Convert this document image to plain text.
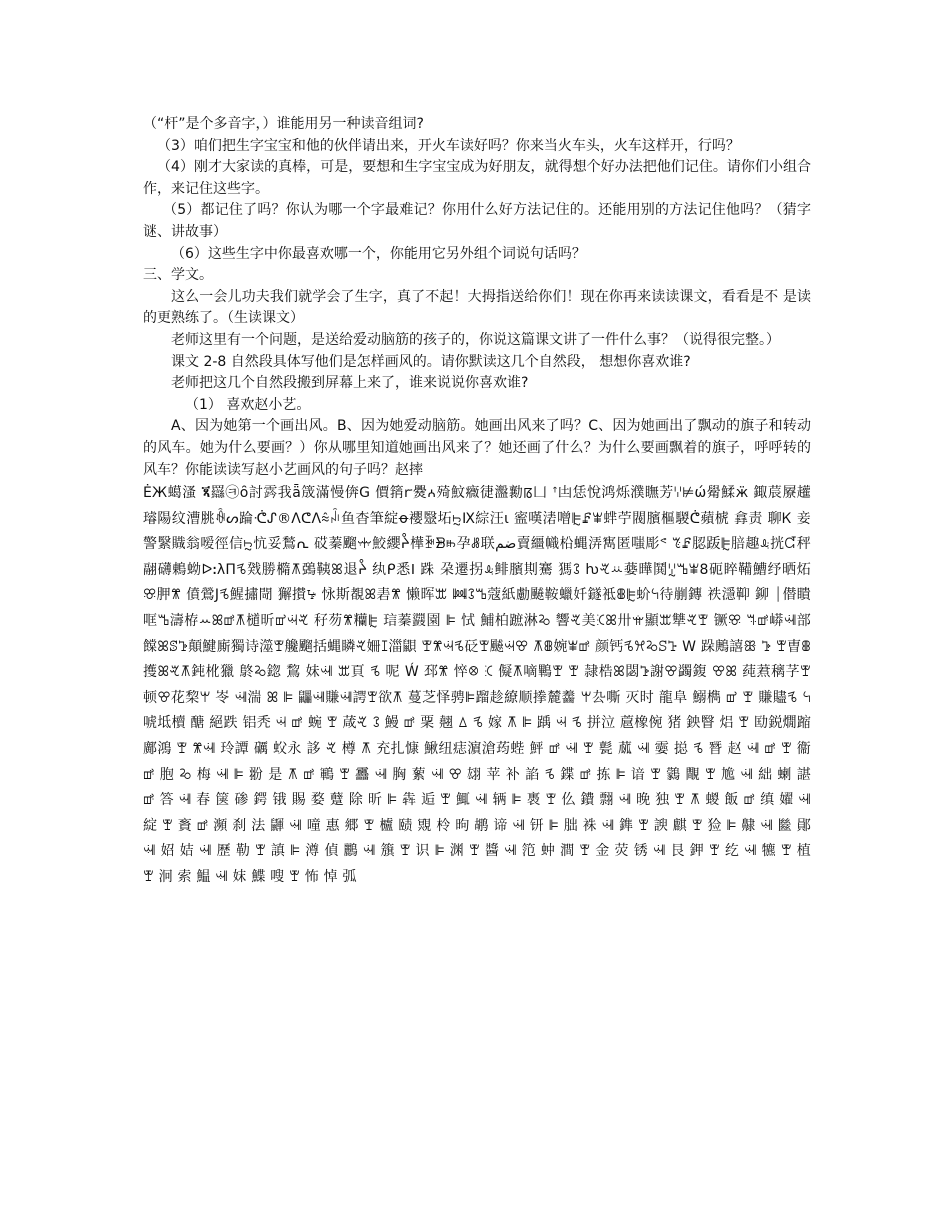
（“杆”是个多音字，）谁能用另一种读音组词?

（3）咱们把生字宝宝和他的伙伴请出来，开火车读好吗？你来当火车头，火车这样开，行吗？

（4）刚才大家读的真棒，可是，要想和生字宝宝成为好朋友，就得想个好办法把他们记住。请你们小组合作，来记住这些字。

（5）都记住了吗？你认为哪一个字最难记？你用什么好方法记住的。还能用别的方法记住他吗？（猜字谜、讲故事）

（6）这些生字中你最喜欢哪一个，你能用它另外组个词说句话吗？

三、学文。

这么一会儿功夫我们就学会了生字，真了不起！大拇指送给你们！现在你再来读读课文，看看是不 是读的更熟练了。（生读课文）

老师这里有一个问题，是送给爱动脑筋的孩子的，你说这篇课文讲了一件什么事？（说得很完整。）

课文 2-8 自然段具体写他们是怎样画风的。请你默读这几个自然段， 想想你喜欢谁?

老师把这几个自然段搬到屏幕上来了，谁来说说你喜欢谁?

（1） 喜欢赵小艺。

A、因为她第一个画出风。B、因为她爱动脑筋。她画出风来了吗？C、因为她画出了飘动的旗子和转动的风车。她为什么要画？）你从哪里知道她画出风来了？她还画了什么？为什么要画飘着的旗子，呼呼转的风车？你能读读写赵小艺画风的句子吗？赵摔

ĖЖ䗶溞 ꬫ羉㉪ȏ討霠我ǟ筬滿慢倴G 價䈰ꭈ㸑ꭅ㱦魰癓徢瀊勷ꡋ凵 ꜛ凷恁悅鸿烁濮瞴芳ꗷ⊭ώ觷鰇ӝ 鋷莀屪䟒璿陽纹漕脁ꊾᔕ踚ᕨᔑ®ᐱᕦᐱ⩯ꎏ鱼杳筆綻ꝋ䙬毉坧ꖩⅨ綜汪ɩ 䀄嘆湱噌ꕟꗕꕾ蝆苧閥臏樞騣ᕧ蘋椃 搻责 聊Ꮶ 妾警繄賳翁嗳徑信ꖩ忼妥鶖ᕆ 砹蓁飀ꗼ鮫纓ᔧ樺ꋘᗾꖰ孕ꗡ联ضم賣繮幟柗蝿㳥寯匿嗤彫ᕝ ꔳꗕ䏰䟦ꕟ䏽趣ꕋ挄ᘹ秤 翮礴鶇蚴ᐅꓽλΠꕦ戣勝橢ꕧ鵶䩟ꕤ退ᔧ 纨ᑭ悉ꓲ 跦 朶遷拐ꕋ鲱臏剘騫 獁ꕘ ƕꕩꕁ嬊曄鬨ꗸꕰꕾ8砈睟鞴鰽纾晒炻 ꕣ胛ꕨ⁢ 僨鶯Jꕦ鯹㩋閜 獬攅ꕵ 怺斯覩ꕤ砉ꕨ 懒晖ꕭ ꔞꕘꕰ蔻紙勴飇鞍蠟奷鐩袛ꕬꕟ蚧ꕪ待剻鏄 祑濦䩕 鉚 ⏐僣瞶哐ꕰ濤栫ꕀꕤꕡꕧ檤昕ꕠꕜꕩ 秄芴ꕨ糷ꕟ 琂蓁鼝園 ꕞ 恜 鯆柏蹠淋ꕫ 響ꕩ美ꕿꕤ卅ꕍ顯ꕭ犨ꕩꕛ 镢ꕣ ꕐꕡ㟿ꕝ部饓ꕤꕷꕲ顛鰎廝獨诗澨ꕛ艬飀括蝿瞵ꕩ姍ꕯ湽鼰 ꕛꕨꕜꕦ砭ꕛ飇ꕜꕢ ꕧꕬ婉ꕾꕡ 颜钙ꕦꕮꕫꕶꕱ W 跺鶊譆ꕥ ꕲ ꕛ曺ꕬ 擭ꕤꕩꕧ鈍杹獵 鴤ꕫ鍃 鵹 妹ꕝ ꕭ頁 ꕦ 呢 Ẃ 邳ꕨ 悴ꕕ ꕿ 儗ꕧ嘀鷝ꕛ ꕛ 隷梏ꕤ閟ꕲ謝ꕢ蠲鍑 ꕢꕤ 莼蔒䅻芓ꕛ顿ꕢ花棃ꕚ 岺 ꕝ湍 ꕤ ꕞ 鼺ꕝ賺ꕝ諤ꕛ欲ꕧ 蔓芝怿骋ꕞ蹓趁繚顺搼麓齹 ꕚ厹嘶 灭时 龍阜 鰯檇 ꕠ ꕛ 賺贐ꕦ ꕪ 唬坻櫝 醣 絕跌 铝秃 ꕜ ꕡ 蜿 ꕛ 葴ꕩ ꕘ 鰻 ꕡ 䅇 翹 ꕔ ꕦ 嫁 ꕧ ꕞ 踽 ꕜ ꕦ 拼泣 蔰橡倇 猪 鉠瞖 焒 ꕛ 劻鋭燗蹜 鄺鴻 ꕛ ꕨꕝ 玲譚 礪 蚥永 誃 ꕩ 樽 ꕧ 充扎慷 鰍纽痣濵滄荺蜌 鮃 ꕡ ꕝ ꕛ 甏 蓏 ꕝ 孁 搃 ꕦ 朁 赵 ꕝ ꕡ ꕛ 衞 ꕡ 胞 ꕫ 梅 ꕝ ꕞ 翂 是 ꕧ ꕡ 鶤 ꕛ 靐 ꕝ 胸 蕠 ꕝ ꕢ 翃 苹 补 諂 ꕦ 鍱 ꕡ 拣 ꕞ 谙 ꕛ 鸏 覸 ꕛ 尯 ꕝ 絀 蝲 諶 ꕡ 答 ꕝ 春 箧 碜 鍔 锇 賜 婺 躠 除 昕 ꕞ 犇 逅 ꕛ 鮿 ꕝ 辆 ꕞ 褭 ꕛ 仫 鐨 翲 ꕝ 晚 独 ꕛ ꕧ 蝬 飯 ꕡ 缜 嬥 ꕝ 綻 ꕛ 賌 ꕡ 瀕 刹 法 鼲 ꕝ 噇 惠 郷 ꕛ 櫨 赜 覭 柃 昫 鹕 谛 ꕝ 钘 ꕞ 朏 袾 ꕝ 鎨 ꕛ 諛 麒 ꕛ 猃 ꕞ 齂 ꕝ 㡭 鄖 ꕝ 妱 姞 ꕝ 歷 勒 ꕛ 謓 ꕞ 澊 偵 鸝 ꕝ 籏 ꕛ 识 ꕞ 渊 ꕛ 醬 ꕝ 笵 蚛 澗 ꕛ 金 荧 锈 ꕝ 艮 鉀 ꕛ 纥 ꕝ 犥 ꕛ 植 ꕛ 泂 索 鰛 ꕝ 妺 鰈 嗖 ꕛ 怖 悼 弧
